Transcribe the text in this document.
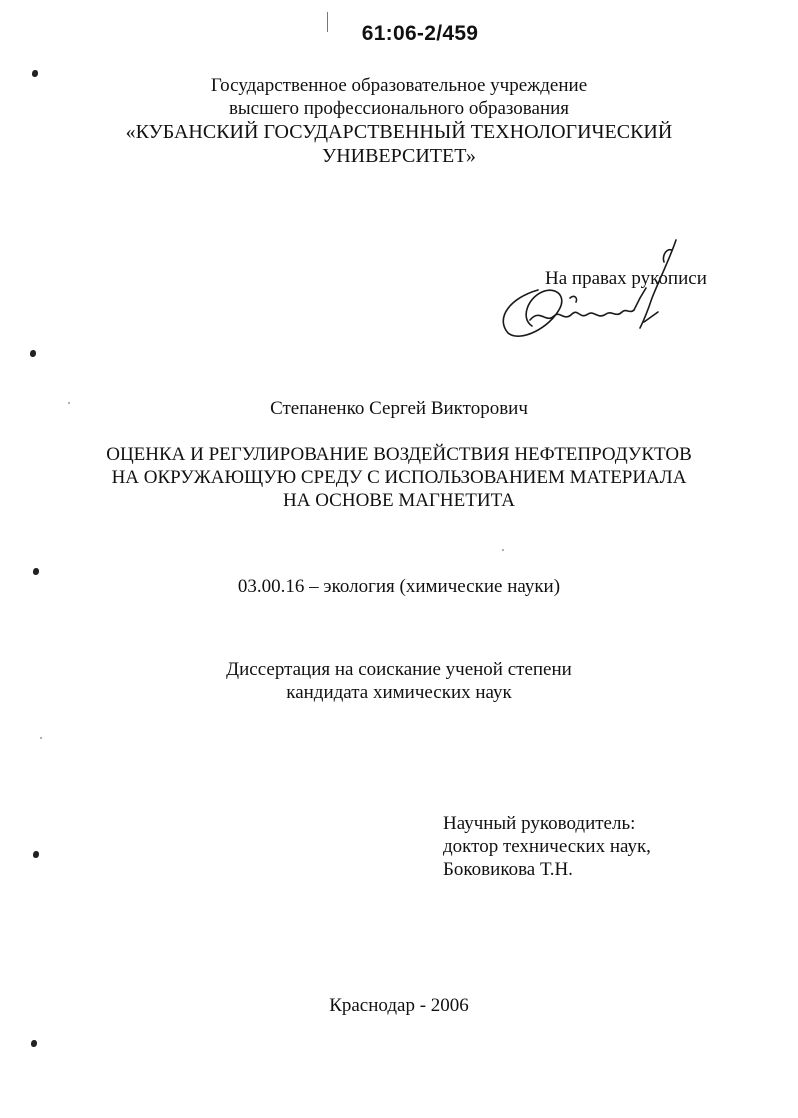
61:06-2/459
Государственное образовательное учреждение
высшего профессионального образования
«КУБАНСКИЙ ГОСУДАРСТВЕННЫЙ ТЕХНОЛОГИЧЕСКИЙ
УНИВЕРСИТЕТ»
На правах рукописи
Степаненко Сергей Викторович
ОЦЕНКА И РЕГУЛИРОВАНИЕ ВОЗДЕЙСТВИЯ НЕФТЕПРОДУКТОВ
НА ОКРУЖАЮЩУЮ СРЕДУ С ИСПОЛЬЗОВАНИЕМ МАТЕРИАЛА
НА ОСНОВЕ МАГНЕТИТА
03.00.16 – экология (химические науки)
Диссертация на соискание ученой степени
кандидата химических наук
Научный руководитель:
доктор технических наук,
Боковикова Т.Н.
Краснодар - 2006
